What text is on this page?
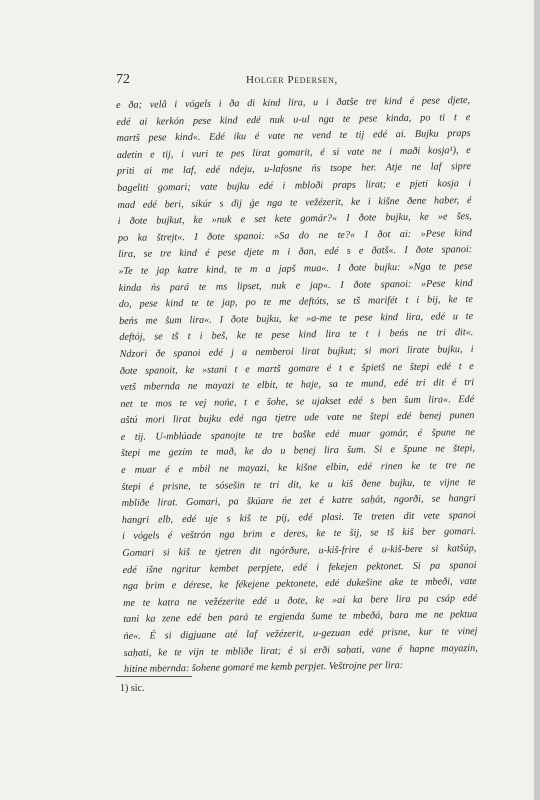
72	Holger Pedersen,
e ða; velâ i vógels i ða di kind lira, u i ðatše tre kind é pese djete,
edé ai kerkón pese kind edé nuk u-ul nga te pese kinda, po ti t e
martš pese kind«. Edé iku é vate ne vend te tij edé ai. Bujku praps
adetin e tij, i vuri te pes lirat gomarit, é si vate ne i maði kosja¹), e
priti ai me laf, edé ndeju, u-lafosne ńs tsope her. Atje ne laf sipre
bageliti gomari; vate bujku edé i mbloði praps lirat; e pjeti kosja i
mad edé beri, sikúr s dij ģe nga te vežézerit, ke i kišne ðene haber, é
i ðote bujkut, ke »nuk e set kete gomár?« I ðote bujku, ke »e šes,
po ka štrejt«. I ðote spanoi: »Sa do ne te?« I ðot ai: »Pese kind
lira, se tre kind é pese djete m i ðan, edé s e ðatš«. I ðote spanoi:
»Te te jap katre kind, te m a japš mua«. I ðote bujku: »Nga te pese
kinda ńs pará te ms lipset, nuk e jap«. I ðote spanoi: »Pese kind
do, pese kind te te jap, po te me deftóts, se tš marifét t i bij, ke te
beńs me šum lira«. I ðote bujku, ke »a-me te pese kind lira, edé u te
deftój, se tš t i beš, ke te pese kind lira te t i beńs ne tri dit«.
Ndzori ðe spanoi edé j a nemberoi lirat bujkut; si mori lirate bujku, i
ðote spanoit, ke »stani t e martš gomare é t e špietš ne štepi edé t e
vetš mbernda ne mayazi te elbit, te haje, sa te mund, edé tri dit é tri
net te mos te vej nońe, t e šohe, se ujakset edé s ben šum lira«. Edé
aštú mori lirat bujku edé nga tjetre ude vate ne štepi edé benej punen
e tij. U-mblúade spanojte te tre baške edé muar gomár, é špune ne
štepi me gezím te mað, ke do u benej lira šum. Si e špune ne štepi,
e muar é e mbil ne mayazi, ke kišne elbin, edé rinen ke te tre ne
štepi é prisne, te sósešin te tri dit, ke u kiš ðene bujku, te vijne te
mbliðe lirat. Gomari, pa škúare ńe zet é katre saḥát, ngorði, se hangri
hangri elb, edé uje s kiš te pij, edé plasi. Te treten dit vete spanoi
i vógels é veštrón nga brim e deres, ke te šij, se tš kiš ber gomari.
Gomari si kiš te tjetren dit ngórðure, u-kiš-frire é u-kiš-bere si katšúp,
edé išne ngritur kembet perpjete, edé i fekejen pektonet. Si pa spanoi
nga brim e dérese, ke fékejene pektonete, edé dukešine ake te mbeði, vate
me te katra ne vežézerite edé u ðote, ke »ai ka bere lira pa csáp edé
tani ka zene edé ben pará te ergjenda šume te mbeðá, bara me ne pektua
ńe«. É si digjuane até laf vežézerit, u-gezuan edé prisne, kur te vinej
saḥati, ke te vijn te mbliðe lirat; é si erði saḥati, vane é hapne mayazin,
hitine mbernda: šohene gomaré me kemb perpjet. Veštrojne per lira:
1) sic.
